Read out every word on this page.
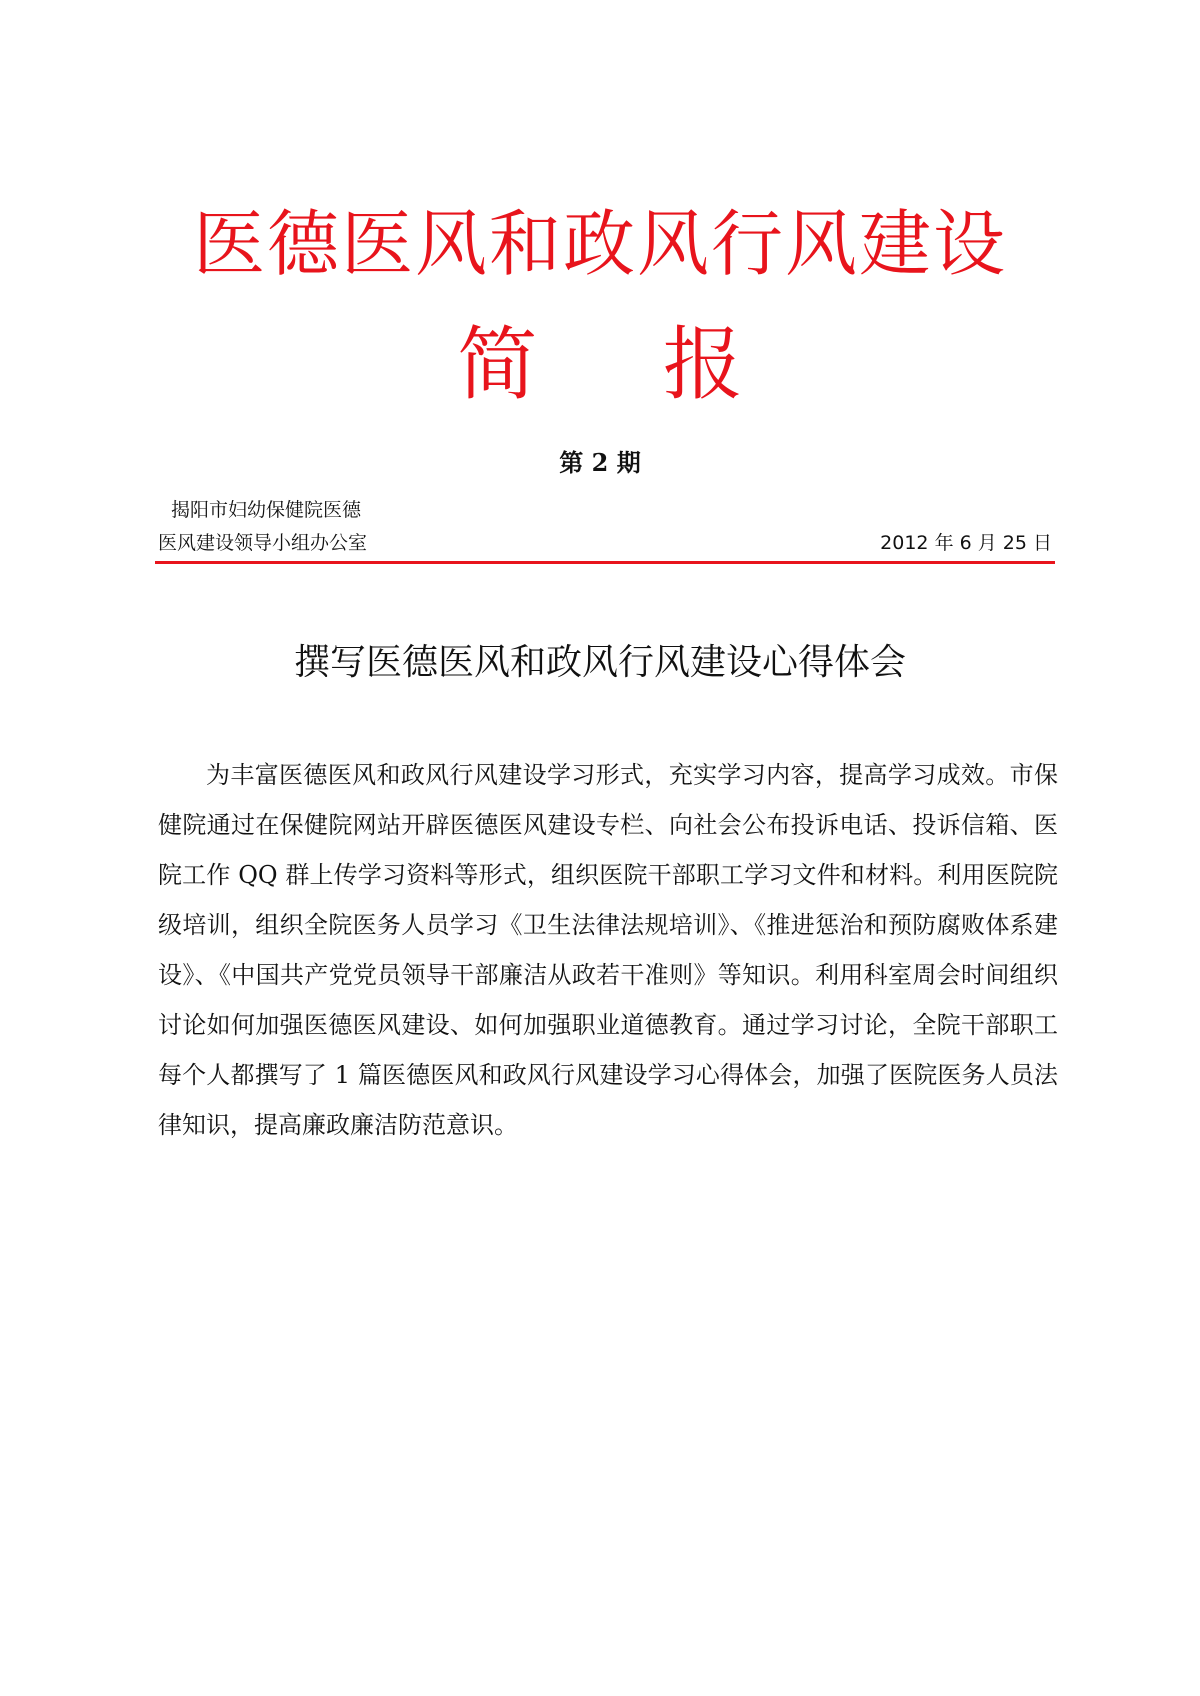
医德医风和政风行风建设
简 报
第 2 期
揭阳市妇幼保健院医德
医风建设领导小组办公室	2012 年 6 月 25 日
撰写医德医风和政风行风建设心得体会
为丰富医德医风和政风行风建设学习形式，充实学习内容，提高学习成效。市保健院通过在保健院网站开辟医德医风建设专栏、向社会公布投诉电话、投诉信箱、医院工作 QQ 群上传学习资料等形式，组织医院干部职工学习文件和材料。利用医院院级培训，组织全院医务人员学习《卫生法律法规培训》、《推进惩治和预防腐败体系建设》、《中国共产党党员领导干部廉洁从政若干准则》等知识。利用科室周会时间组织讨论如何加强医德医风建设、如何加强职业道德教育。通过学习讨论，全院干部职工每个人都撰写了 1 篇医德医风和政风行风建设学习心得体会，加强了医院医务人员法律知识，提高廉政廉洁防范意识。
